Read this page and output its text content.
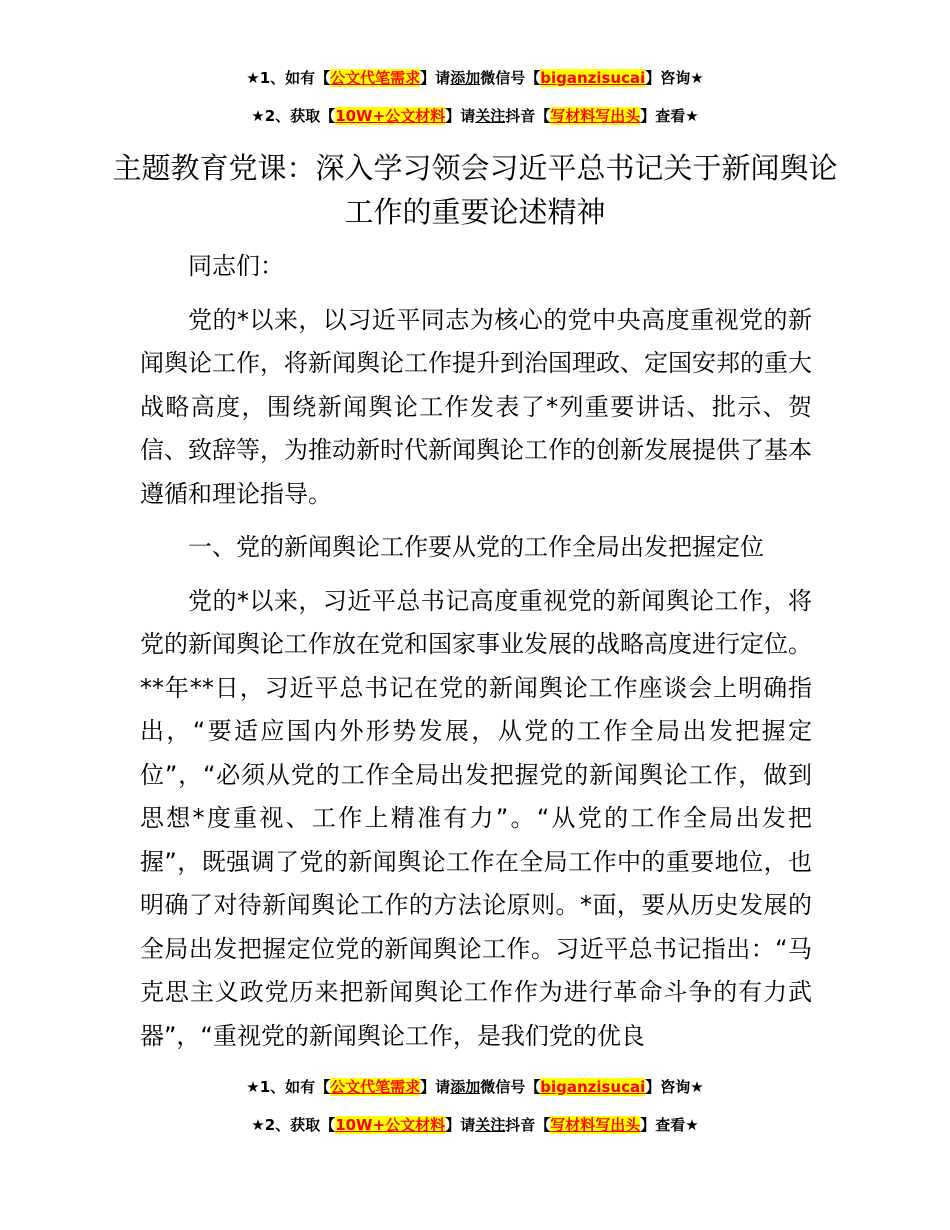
★1、如有【公文代笔需求】请添加微信号【biganzisucai】咨询★
★2、获取【10W+公文材料】请关注抖音【写材料写出头】查看★
主题教育党课：深入学习领会习近平总书记关于新闻舆论工作的重要论述精神

同志们：

党的*以来，以习近平同志为核心的党中央高度重视党的新闻舆论工作，将新闻舆论工作提升到治国理政、定国安邦的重大战略高度，围绕新闻舆论工作发表了*列重要讲话、批示、贺信、致辞等，为推动新时代新闻舆论工作的创新发展提供了基本遵循和理论指导。

一、党的新闻舆论工作要从党的工作全局出发把握定位

党的*以来，习近平总书记高度重视党的新闻舆论工作，将党的新闻舆论工作放在党和国家事业发展的战略高度进行定位。**年**日，习近平总书记在党的新闻舆论工作座谈会上明确指出，“要适应国内外形势发展，从党的工作全局出发把握定位”，“必须从党的工作全局出发把握党的新闻舆论工作，做到思想*度重视、工作上精准有力”。“从党的工作全局出发把握”，既强调了党的新闻舆论工作在全局工作中的重要地位，也明确了对待新闻舆论工作的方法论原则。*面，要从历史发展的全局出发把握定位党的新闻舆论工作。习近平总书记指出：“马克思主义政党历来把新闻舆论工作作为进行革命斗争的有力武器”，“重视党的新闻舆论工作，是我们党的优良

★1、如有【公文代笔需求】请添加微信号【biganzisucai】咨询★
★2、获取【10W+公文材料】请关注抖音【写材料写出头】查看★
